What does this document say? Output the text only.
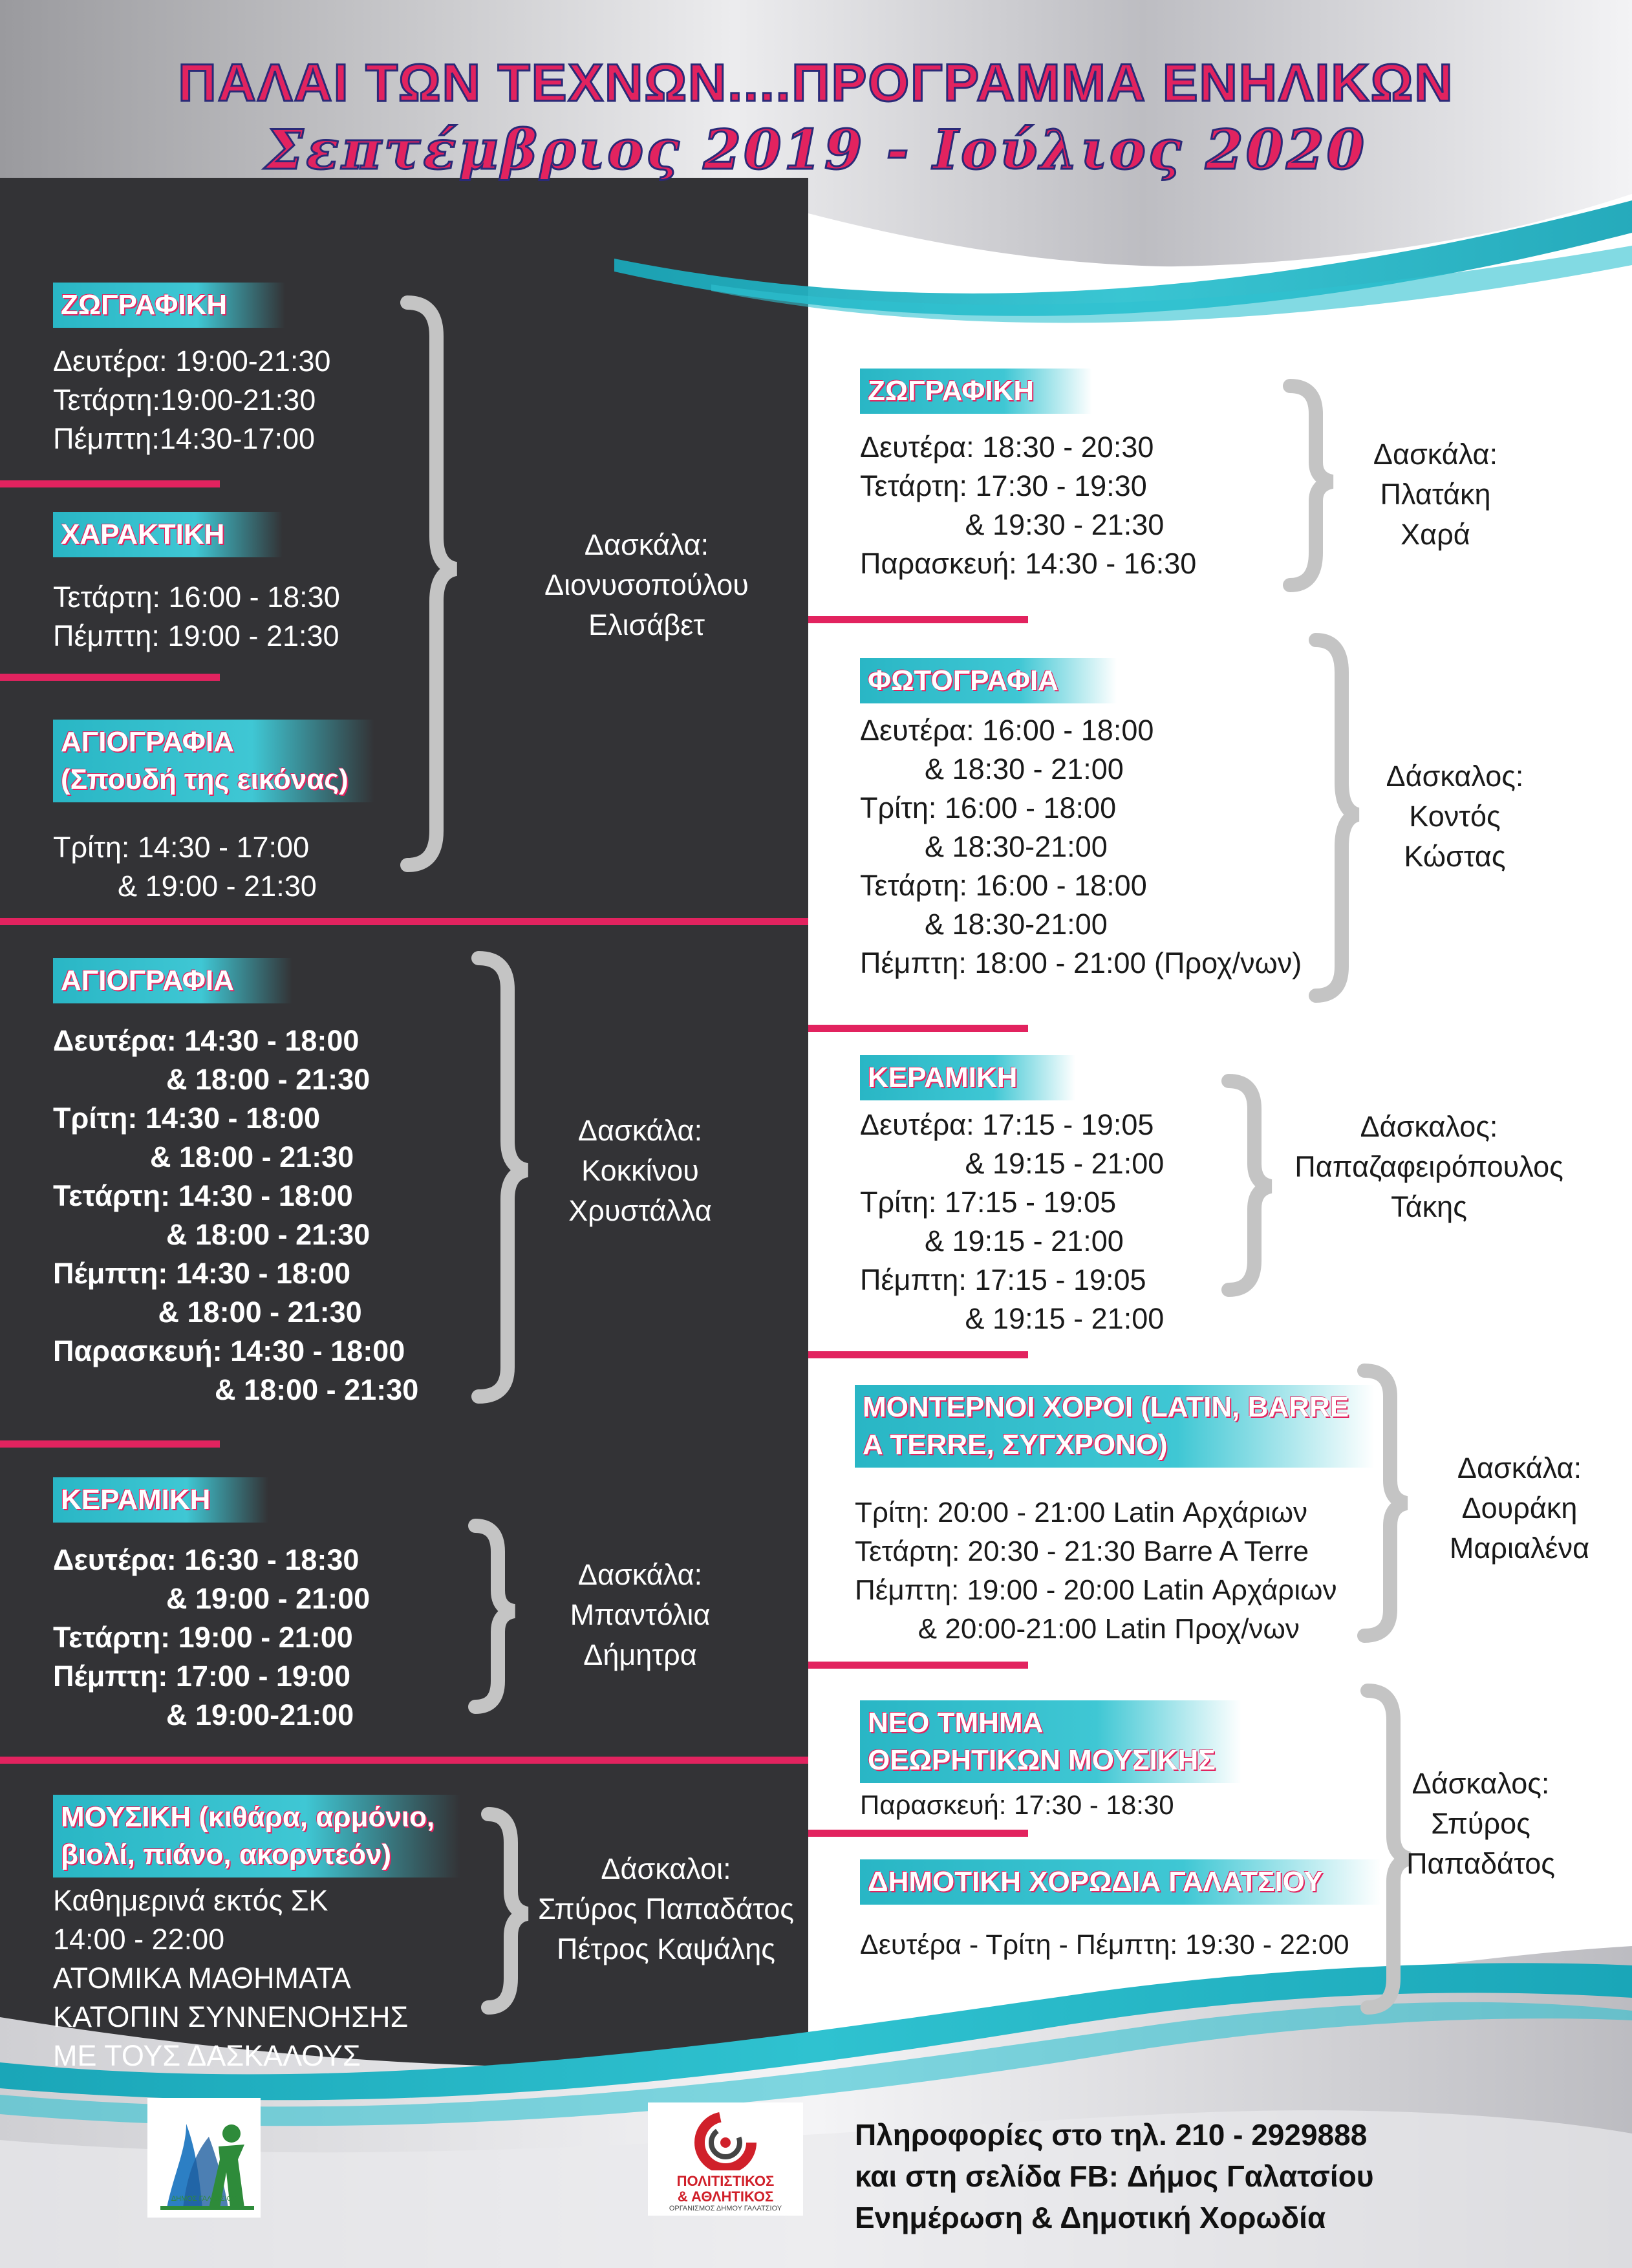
ΠΑΛΑΙ ΤΩΝ ΤΕΧΝΩΝ....ΠΡΟΓΡΑΜΜΑ ΕΝΗΛΙΚΩΝ
Σεπτέμβριος 2019 - Ιούλιος 2020
ΖΩΓΡΑΦΙΚΗ
Δευτέρα: 19:00-21:30
Τετάρτη:19:00-21:30
Πέμπτη:14:30-17:00
ΧΑΡΑΚΤΙΚΗ
Τετάρτη: 16:00 - 18:30
Πέμπτη: 19:00 - 21:30
ΑΓΙΟΓΡΑΦΙΑ
(Σπουδή της εικόνας)
Τρίτη: 14:30 - 17:00
& 19:00 - 21:30
Δασκάλα:
Διονυσοπούλου
Ελισάβετ
ΑΓΙΟΓΡΑΦΙΑ
Δευτέρα: 14:30 - 18:00
& 18:00 - 21:30
Τρίτη: 14:30 - 18:00
& 18:00 - 21:30
Τετάρτη: 14:30 - 18:00
& 18:00 - 21:30
Πέμπτη: 14:30 - 18:00
& 18:00 - 21:30
Παρασκευή: 14:30 - 18:00
& 18:00 - 21:30
Δασκάλα:
Κοκκίνου
Χρυστάλλα
ΚΕΡΑΜΙΚΗ
Δευτέρα: 16:30 - 18:30
& 19:00 - 21:00
Τετάρτη: 19:00 - 21:00
Πέμπτη: 17:00 - 19:00
& 19:00-21:00
Δασκάλα:
Μπαντόλια
Δήμητρα
ΜΟΥΣΙΚΗ (κιθάρα, αρμόνιο,
βιολί, πιάνο, ακορντεόν)
Καθημερινά εκτός ΣΚ
14:00 - 22:00
ΑΤΟΜΙΚΑ ΜΑΘΗΜΑΤΑ
ΚΑΤΟΠΙΝ ΣΥΝΝΕΝΟΗΣΗΣ
ΜΕ ΤΟΥΣ ΔΑΣΚΑΛΟΥΣ
Δάσκαλοι:
Σπύρος Παπαδάτος
Πέτρος Καψάλης
ΖΩΓΡΑΦΙΚΗ
Δευτέρα: 18:30 - 20:30
Τετάρτη: 17:30 - 19:30
& 19:30 - 21:30
Παρασκευή: 14:30 - 16:30
Δασκάλα:
Πλατάκη
Χαρά
ΦΩΤΟΓΡΑΦΙΑ
Δευτέρα: 16:00 - 18:00
& 18:30 - 21:00
Τρίτη: 16:00 - 18:00
& 18:30-21:00
Τετάρτη: 16:00 - 18:00
& 18:30-21:00
Πέμπτη: 18:00 - 21:00 (Προχ/νων)
Δάσκαλος:
Κοντός
Κώστας
ΚΕΡΑΜΙΚΗ
Δευτέρα: 17:15 - 19:05
& 19:15 - 21:00
Τρίτη: 17:15 - 19:05
& 19:15 - 21:00
Πέμπτη: 17:15 - 19:05
& 19:15 - 21:00
Δάσκαλος:
Παπαζαφειρόπουλος
Τάκης
ΜΟΝΤΕΡΝΟΙ ΧΟΡΟΙ (LATIN, BARRE
A TERRE, ΣΥΓΧΡΟΝΟ)
Τρίτη: 20:00 - 21:00 Latin Αρχάριων
Τετάρτη: 20:30 - 21:30 Barre A Terre
Πέμπτη: 19:00 - 20:00 Latin Αρχάριων
& 20:00-21:00 Latin Προχ/νων
Δασκάλα:
Δουράκη
Μαριαλένα
ΝΕΟ ΤΜΗΜΑ
ΘΕΩΡΗΤΙΚΩΝ ΜΟΥΣΙΚΗΣ
Παρασκευή: 17:30 - 18:30
ΔΗΜΟΤΙΚΗ ΧΟΡΩΔΙΑ ΓΑΛΑΤΣΙΟΥ
Δευτέρα - Τρίτη - Πέμπτη: 19:30 - 22:00
Δάσκαλος:
Σπύρος
Παπαδάτος
ΔΗΜΟΣ ΓΑΛΑΤΣΙΟΥ
ΠΟΛΙΤΙΣΤΙΚΟΣ
& ΑΘΛΗΤΙΚΟΣ
ΟΡΓΑΝΙΣΜΟΣ ΔΗΜΟΥ ΓΑΛΑΤΣΙΟΥ
Πληροφορίες στο τηλ. 210 - 2929888
και στη σελίδα FB: Δήμος Γαλατσίου
Ενημέρωση & Δημοτική Χορωδία
